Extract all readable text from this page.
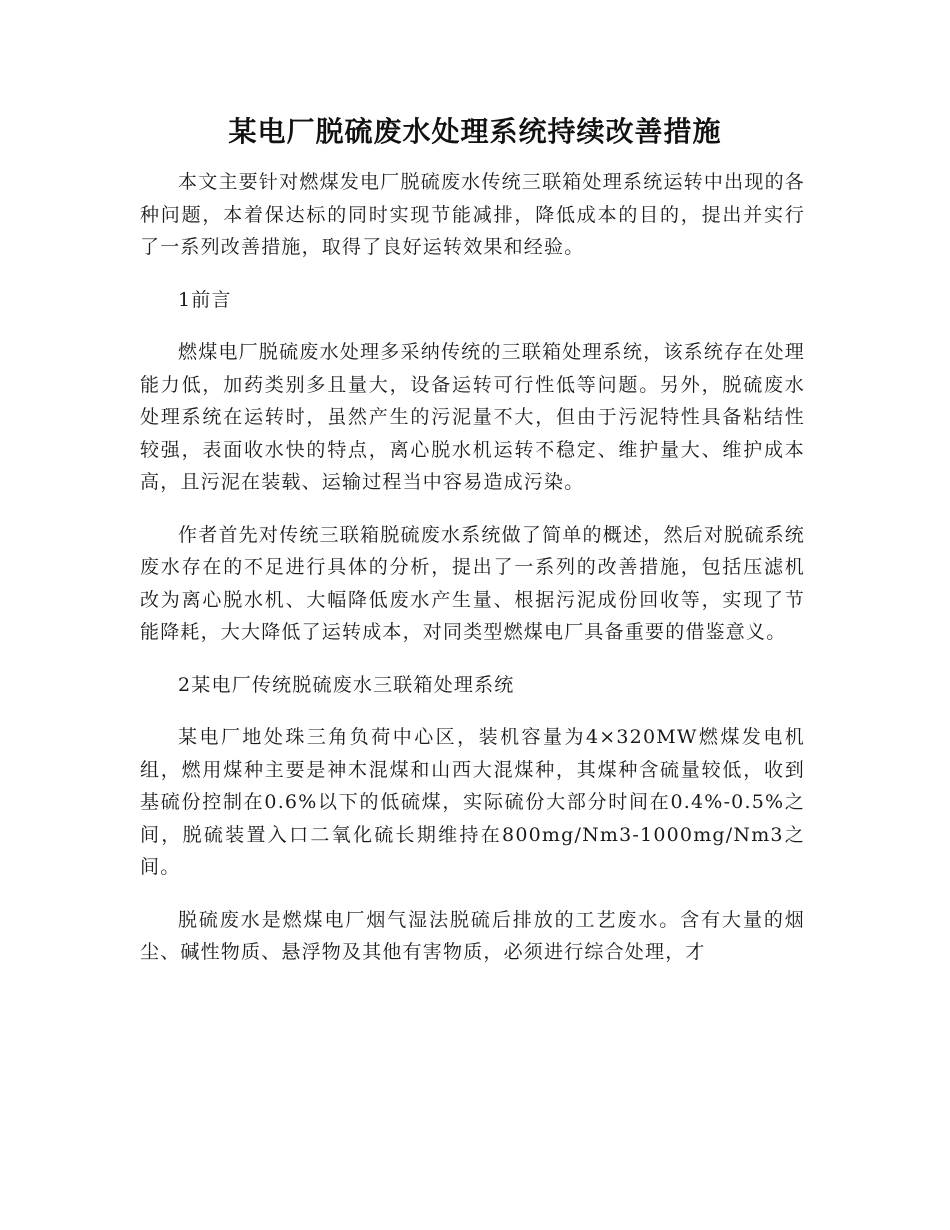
某电厂脱硫废水处理系统持续改善措施

本文主要针对燃煤发电厂脱硫废水传统三联箱处理系统运转中出现的各种问题，本着保达标的同时实现节能减排，降低成本的目的，提出并实行了一系列改善措施，取得了良好运转效果和经验。

1前言

燃煤电厂脱硫废水处理多采纳传统的三联箱处理系统，该系统存在处理能力低，加药类别多且量大，设备运转可行性低等问题。另外，脱硫废水处理系统在运转时，虽然产生的污泥量不大，但由于污泥特性具备粘结性较强，表面收水快的特点，离心脱水机运转不稳定、维护量大、维护成本高，且污泥在装载、运输过程当中容易造成污染。

作者首先对传统三联箱脱硫废水系统做了简单的概述，然后对脱硫系统废水存在的不足进行具体的分析，提出了一系列的改善措施，包括压滤机改为离心脱水机、大幅降低废水产生量、根据污泥成份回收等，实现了节能降耗，大大降低了运转成本，对同类型燃煤电厂具备重要的借鉴意义。

2某电厂传统脱硫废水三联箱处理系统

某电厂地处珠三角负荷中心区，装机容量为4×320MW燃煤发电机组，燃用煤种主要是神木混煤和山西大混煤种，其煤种含硫量较低，收到基硫份控制在0.6%以下的低硫煤，实际硫份大部分时间在0.4%-0.5%之间，脱硫装置入口二氧化硫长期维持在800mg/Nm3-1000mg/Nm3之间。

脱硫废水是燃煤电厂烟气湿法脱硫后排放的工艺废水。含有大量的烟尘、碱性物质、悬浮物及其他有害物质，必须进行综合处理，才
